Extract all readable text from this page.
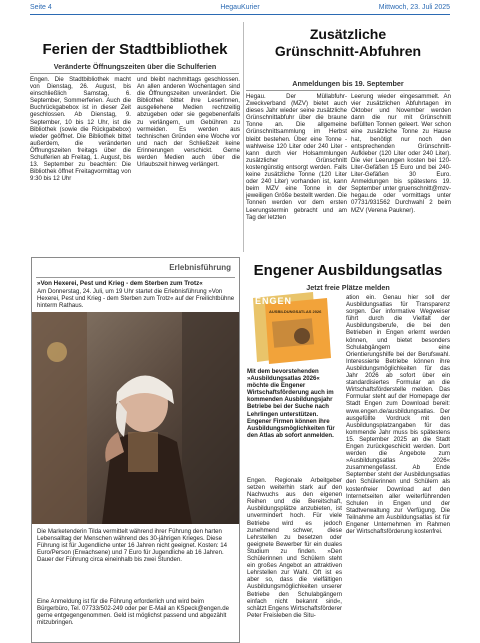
Seite 4	HegauKurier	Mittwoch, 23. Juli 2025
Ferien der Stadtbibliothek
Veränderte Öffnungszeiten über die Schulferien
Engen. Die Stadtbibliothek macht von Dienstag, 26. August, bis einschließlich Samstag, 6. September, Sommerferien. Auch die Buchrückgabebox ist in dieser Zeit geschlossen. Ab Dienstag, 9. September, 10 bis 12 Uhr, ist die Bibliothek (sowie die Rückgabebox) wieder geöffnet. Die Bibliothek bittet außerdem, die veränderten Öffnungszeiten freitags über die Schulferien ab Freitag, 1. August, bis 13. September zu beachten: Die Bibliothek öffnet Freitagvormittag von 9:30 bis 12 Uhr
und bleibt nachmittags geschlossen. An allen anderen Wochentagen sind die Öffnungszeiten unverändert. Die Bibliothek bittet ihre LeserInnen, ausgeliehene Medien rechtzeitig abzugeben oder sie gegebenenfalls zu verlängern, um Gebühren zu vermeiden. Es werden aus technischen Gründen eine Woche vor und nach der Schließzeit keine Erinnerungen verschickt. Gerne werden Medien auch über die Urlaubszeit hinweg verlängert.
Zusätzliche
Grünschnitt-Abfuhren
Anmeldungen bis 19. September
Hegau. Der Müllabfuhr-Zweckverband (MZV) bietet auch dieses Jahr wieder seine zusätzliche Grünschnittabfuhr über die braune Tonne an. Die allgemeine Grünschnittsammlung im Herbst bleibt bestehen. Über eine Tonne - wahlweise 120 Liter oder 240 Liter - kann durch vier Holsammlungen zusätzlicher Grünschnitt kostengünstig entsorgt werden. Falls keine zusätzliche Tonne (120 Liter oder 240 Liter) vorhanden ist, kann beim MZV eine Tonne in der jeweiligen Größe bestellt werden. Die Tonnen werden vor dem ersten Leerungstermin gebracht und am Tag der letzten
Leerung wieder eingesammelt. An vier zusätzlichen Abfuhrtagen im Oktober und November werden dann die nur mit Grünschnitt befüllten Tonnen geleert. Wer schon eine zusätzliche Tonne zu Hause hat, benötigt nur noch den entsprechenden Grünschnitt-Aufkleber (120 Liter oder 240 Liter). Die vier Leerungen kosten bei 120-Liter-Gefäßen 15 Euro und bei 240-Liter-Gefäßen 30 Euro. Anmeldungen bis spätestens 19. September unter gruenschnitt@mzv-hegau.de oder vormittags unter 07731/931562 Durchwahl 2 beim MZV (Verena Paukner).
Erlebnisführung
»Von Hexerei, Pest und Krieg - dem Sterben zum Trotz«
Am Donnerstag, 24. Juli, um 19 Uhr startet die Erlebnisführung »Von Hexerei, Pest und Krieg - dem Sterben zum Trotz« auf der Freilichtbühne hinterm Rathaus.
Die Marketenderin Tilda vermittelt während ihrer Führung den harten Lebensalltag der Menschen während des 30-jährigen Krieges. Diese Führung ist für Jugendliche unter 16 Jahren nicht geeignet. Kosten: 14 Euro/Person (Erwachsene) und 7 Euro für Jugendliche ab 16 Jahren. Dauer der Führung circa eineinhalb bis zwei Stunden.
Eine Anmeldung ist für die Führung erforderlich und wird beim Bürgerbüro, Tel. 07733/502-249 oder per E-Mail an KSpeck@engen.de gerne entgegengenommen. Geld ist möglichst passend und abgezählt mitzubringen.
Engener Ausbildungsatlas
Jetzt freie Plätze melden
ENGEN
AUSBILDUNGSATLAS 2026
Mit dem bevorstehenden »Ausbildungsatlas 2026« möchte die Engener Wirtschaftsförderung auch im kommenden Ausbildungsjahr Betriebe bei der Suche nach Lehrlingen unterstützen. Engener Firmen können ihre Ausbildungsmöglichkeiten für den Atlas ab sofort anmelden.
Engen. Regionale Arbeitgeber setzen weiterhin stark auf den Nachwuchs aus den eigenen Reihen und die Bereitschaft, Ausbildungsplätze anzubieten, ist unvermindert hoch. Für viele Betriebe wird es jedoch zunehmend schwer, diese Lehrstellen zu besetzen oder geeignete Bewerber für ein duales Studium zu finden. »Den Schülerinnen und Schülern steht ein großes Angebot an attraktiven Lehrstellen zur Wahl. Oft ist es aber so, dass die vielfältigen Ausbildungsmöglichkeiten unserer Betriebe den Schulabgängern einfach nicht bekannt sind«, schätzt Engens Wirtschaftsförderer Peter Freisleben die Situ-
ation ein. Genau hier soll der Ausbildungsatlas für Transparenz sorgen. Der informative Wegweiser führt durch die Vielfalt der Ausbildungsberufe, die bei den Betrieben in Engen erlernt werden können, und bietet besonders Schulabgängern eine Orientierungshilfe bei der Berufswahl. Interessierte Betriebe können ihre Ausbildungsmöglichkeiten für das Jahr 2026 ab sofort über ein standardisiertes Formular an die Wirtschaftsförderstelle melden. Das Formular steht auf der Homepage der Stadt Engen zum Download bereit: www.engen.de/ausbildungsatlas. Der ausgefüllte Vordruck mit den Ausbildungsplatzangaben für das kommende Jahr muss bis spätestens 15. September 2025 an die Stadt Engen zurückgeschickt werden. Dort werden die Angebote zum »Ausbildungsatlas 2026« zusammengefasst. Ab Ende September steht der Ausbildungsatlas den Schülerinnen und Schülern als kostenfreier Download auf den Internetseiten aller weiterführenden Schulen in Engen und der Stadtverwaltung zur Verfügung. Die Teilnahme am Ausbildungsatlas ist für Engener Unternehmen im Rahmen der Wirtschaftsförderung kostenfrei.
